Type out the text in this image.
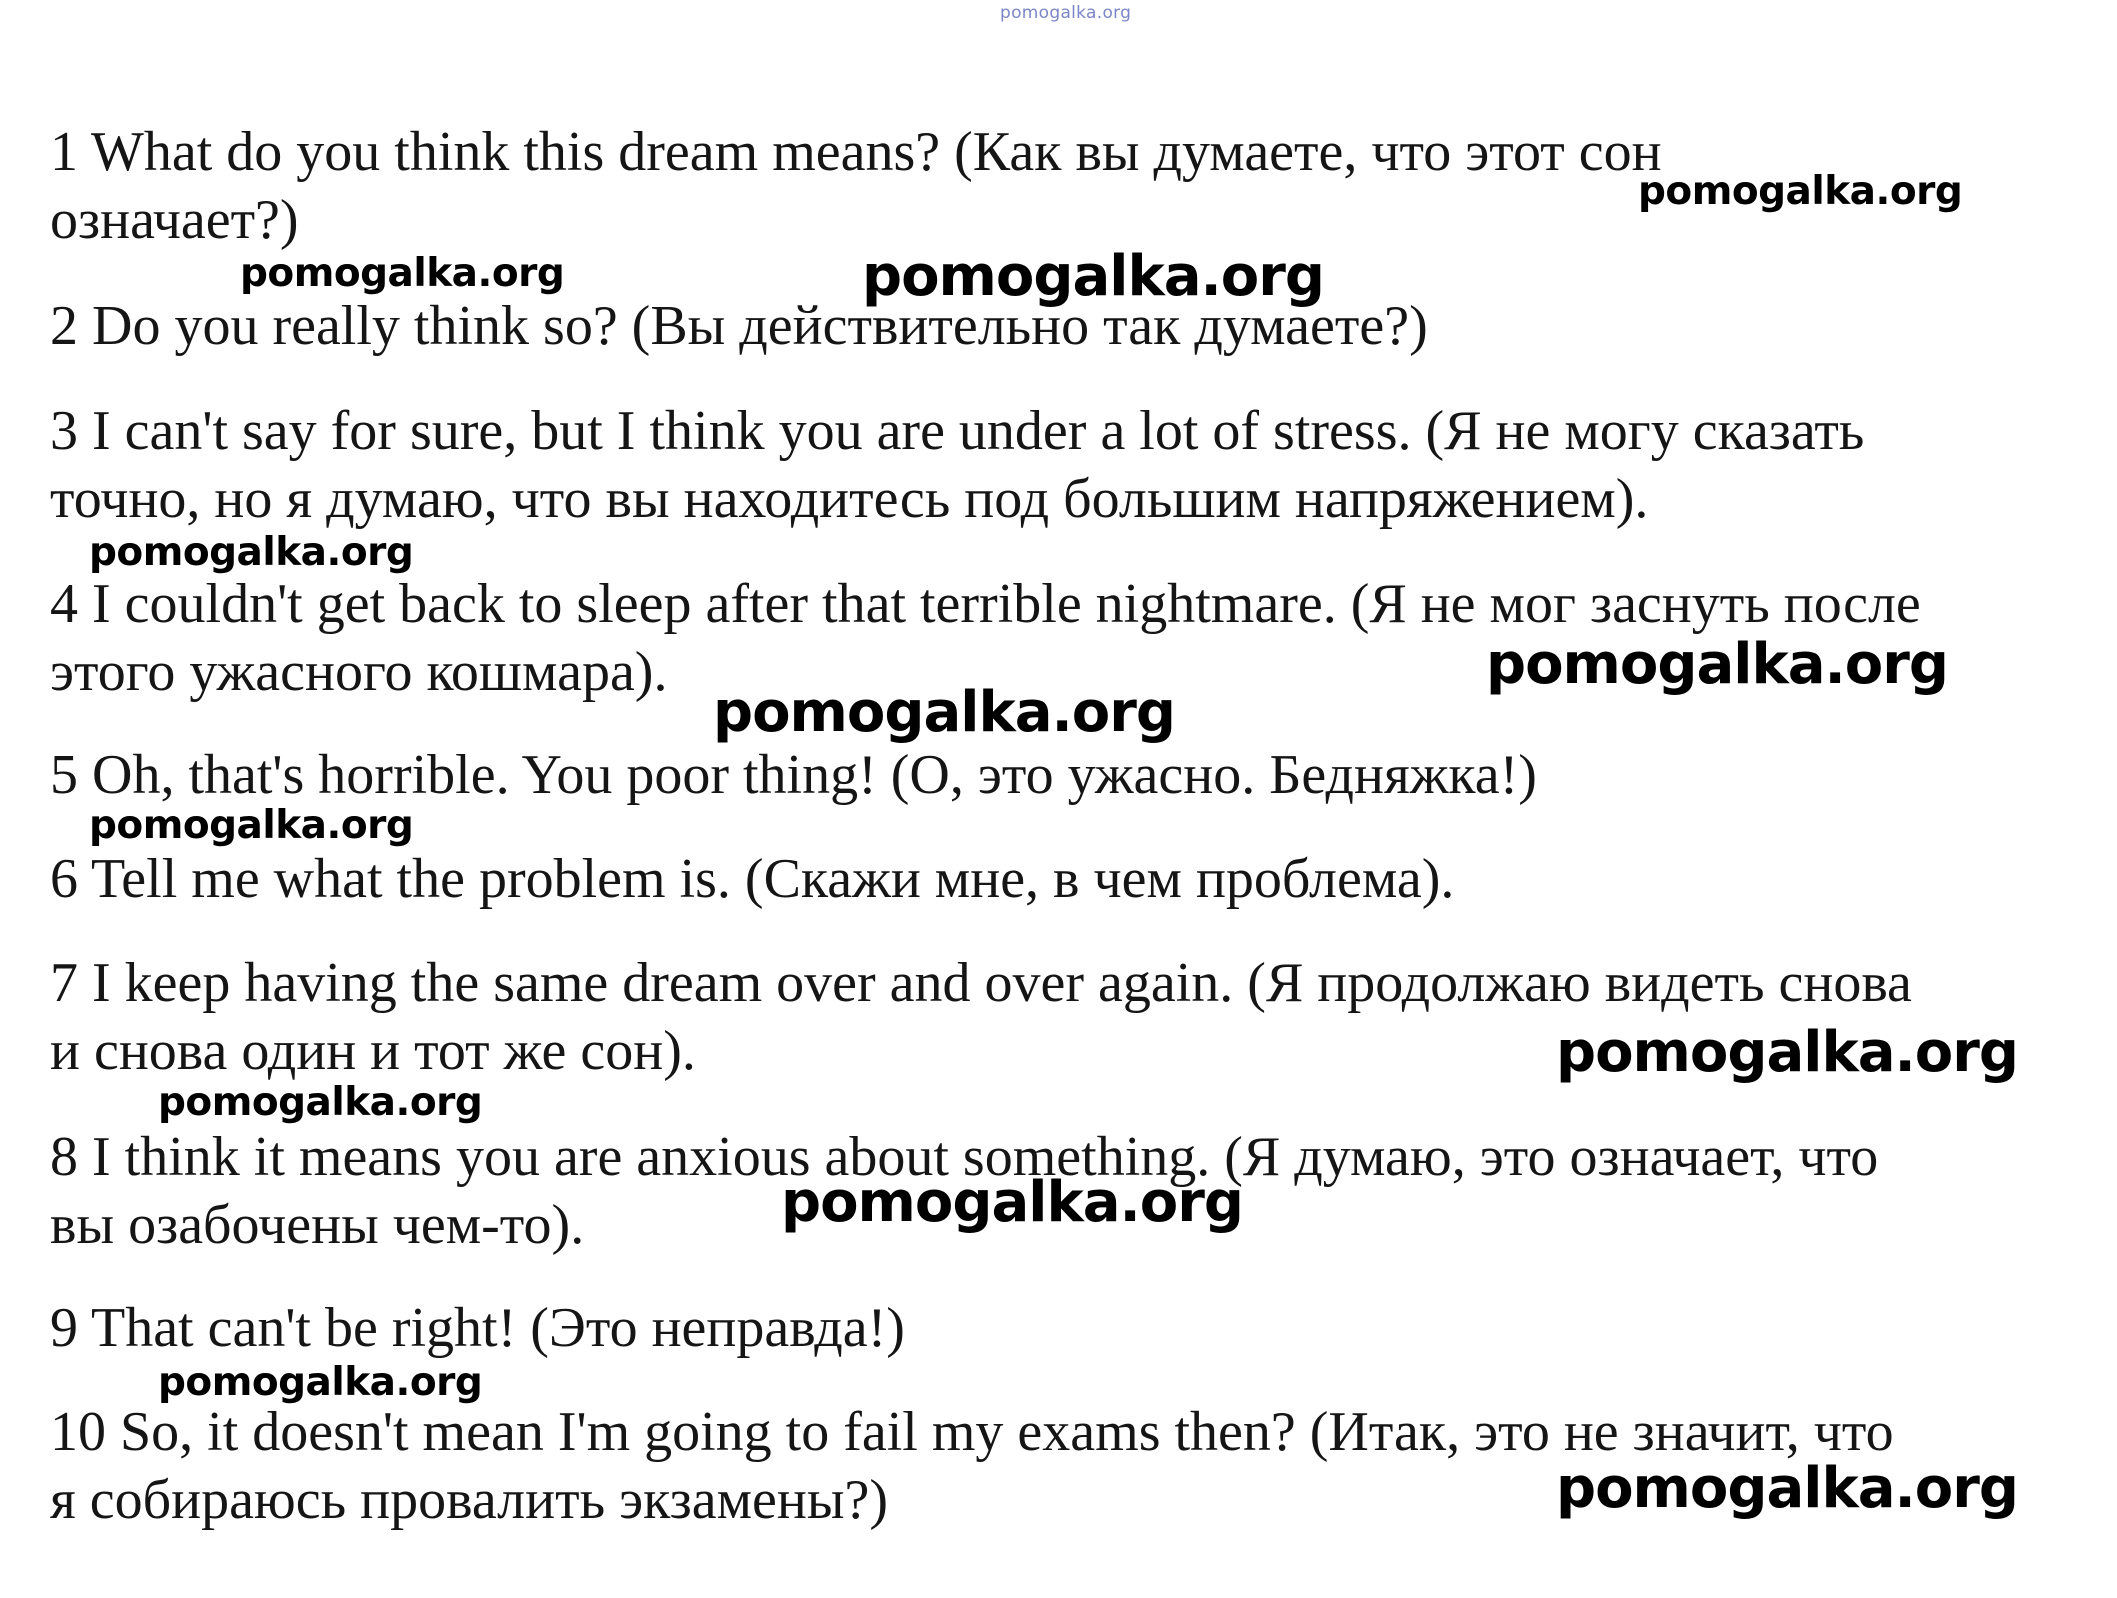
pomogalka.org

1 What do you think this dream means? (Как вы думаете, что этот сон

означает?)

2 Do you really think so? (Вы действительно так думаете?)

3 I can't say for sure, but I think you are under a lot of stress. (Я не могу сказать

точно, но я думаю, что вы находитесь под большим напряжением).

4 I couldn't get back to sleep after that terrible nightmare. (Я не мог заснуть после

этого ужасного кошмара).

5 Oh, that's horrible. You poor thing! (О, это ужасно. Бедняжка!)

6 Tell me what the problem is. (Скажи мне, в чем проблема).

7 I keep having the same dream over and over again. (Я продолжаю видеть снова

и снова один и тот же сон).

8 I think it means you are anxious about something. (Я думаю, это означает, что

вы озабочены чем-то).

9 That can't be right! (Это неправда!)

10 So, it doesn't mean I'm going to fail my exams then? (Итак, это не значит, что

я собираюсь провалить экзамены?)

pomogalka.org
pomogalka.org	pomogalka.org
pomogalka.org
pomogalka.org
pomogalka.org
pomogalka.org
pomogalka.org
pomogalka.org
pomogalka.org
pomogalka.org
pomogalka.org
